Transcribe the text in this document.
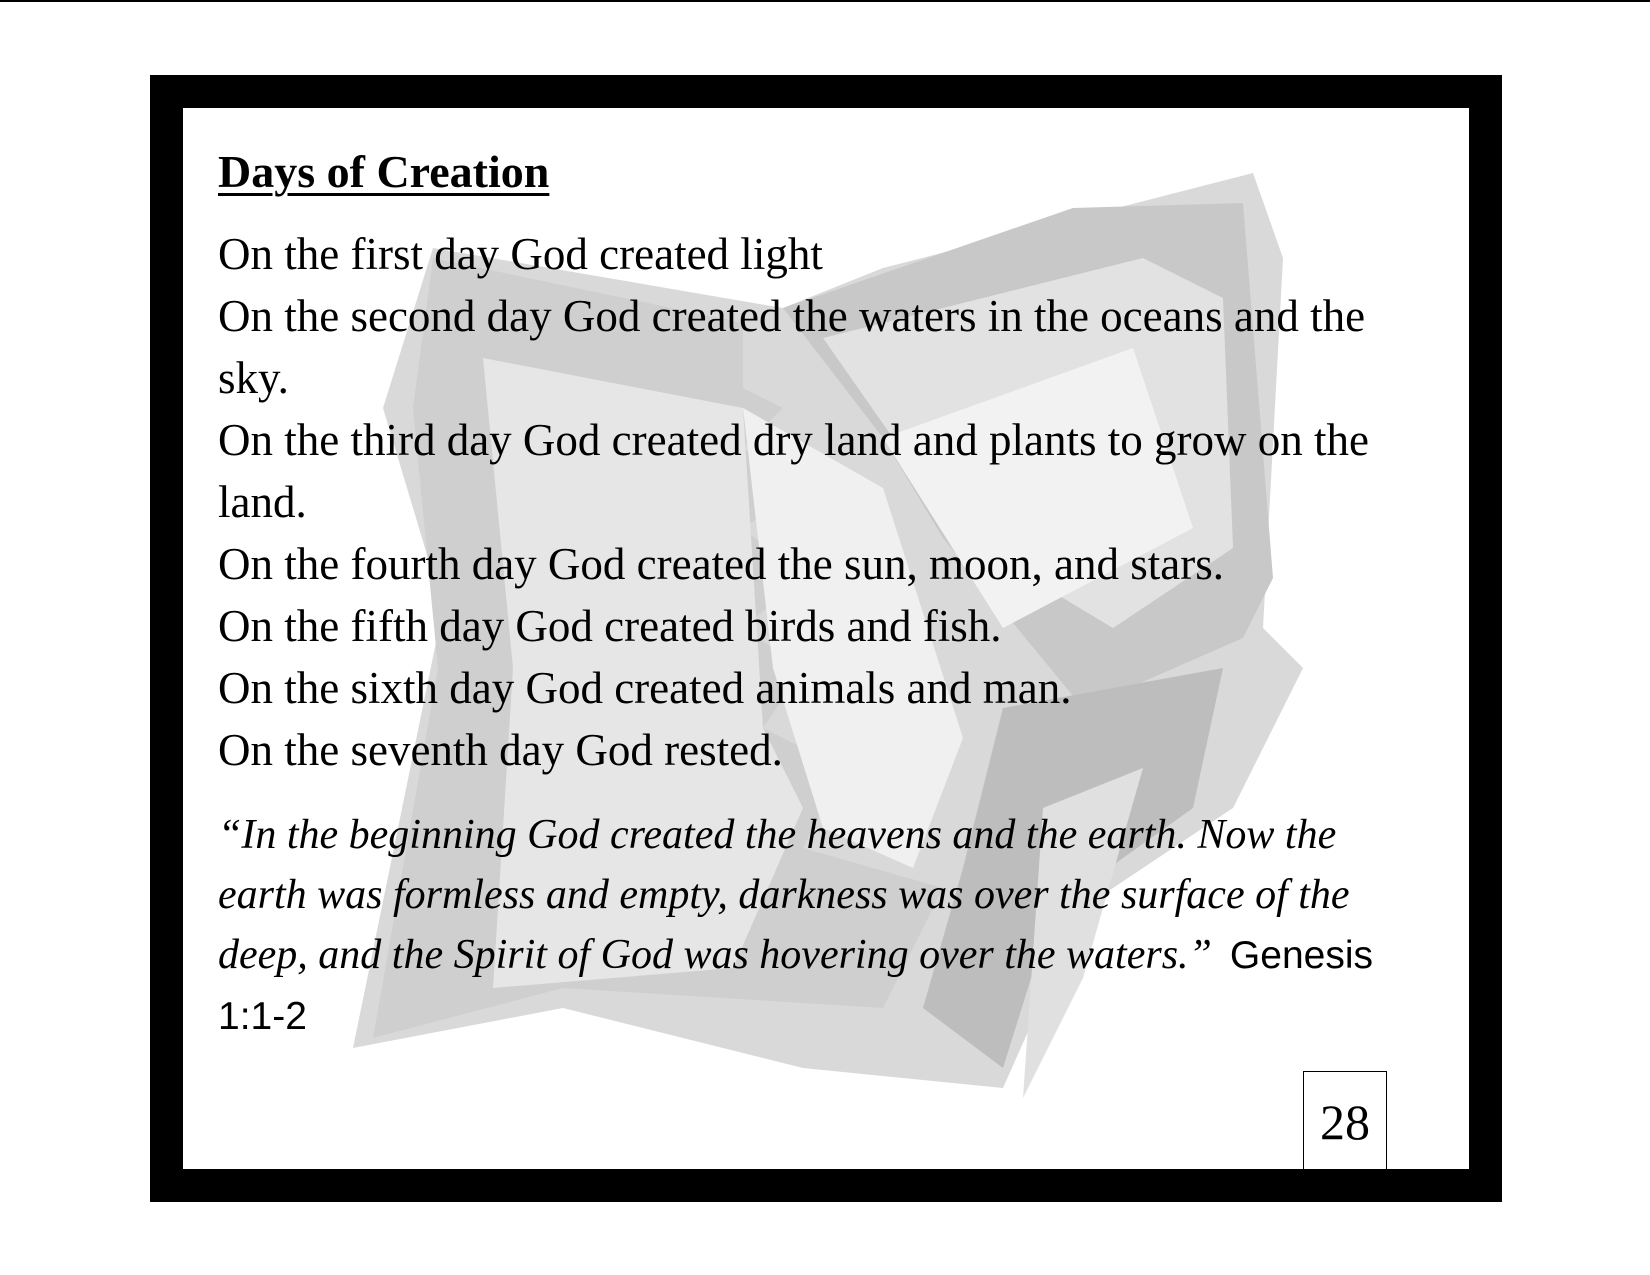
Days of Creation
On the first day God created light
On the second day God created the waters in the oceans and the sky.
On the third day God created dry land and plants to grow on the land.
On the fourth day God created the sun, moon, and stars.
On the fifth day God created birds and fish.
On the sixth day God created animals and man.
On the seventh day God rested.
“In the beginning God created the heavens and the earth. Now the earth was formless and empty, darkness was over the surface of the deep, and the Spirit of God was hovering over the waters.” Genesis 1:1-2
28
